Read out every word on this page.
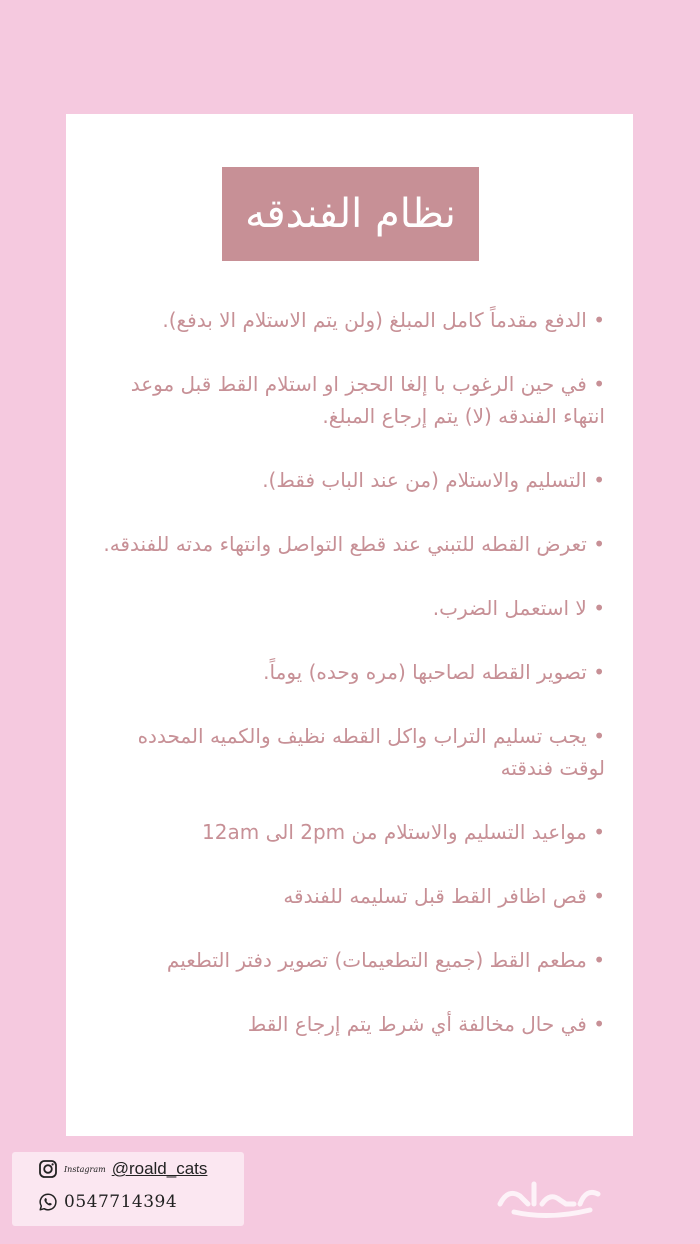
نظام الفندقه

• الدفع مقدماً كامل المبلغ (ولن يتم الاستلام الا بدفع).

• في حين الرغوب با إلغا الحجز او استلام القط قبل موعد انتهاء الفندقه (لا) يتم إرجاع المبلغ.

• التسليم والاستلام (من عند الباب فقط).

• تعرض القطه للتبني عند قطع التواصل وانتهاء مدته للفندقه.

• لا استعمل الضرب.

• تصوير القطه لصاحبها (مره وحده) يوماً.

• يجب تسليم التراب واكل القطه نظيف والكميه المحدده لوقت فندقته

• مواعيد التسليم والاستلام من 2pm الى 12am

• قص اظافر القط قبل تسليمه للفندقه

• مطعم القط (جميع التطعيمات) تصوير دفتر التطعيم

• في حال مخالفة أي شرط يتم إرجاع القط

Instagram @roald_cats
0547714394
